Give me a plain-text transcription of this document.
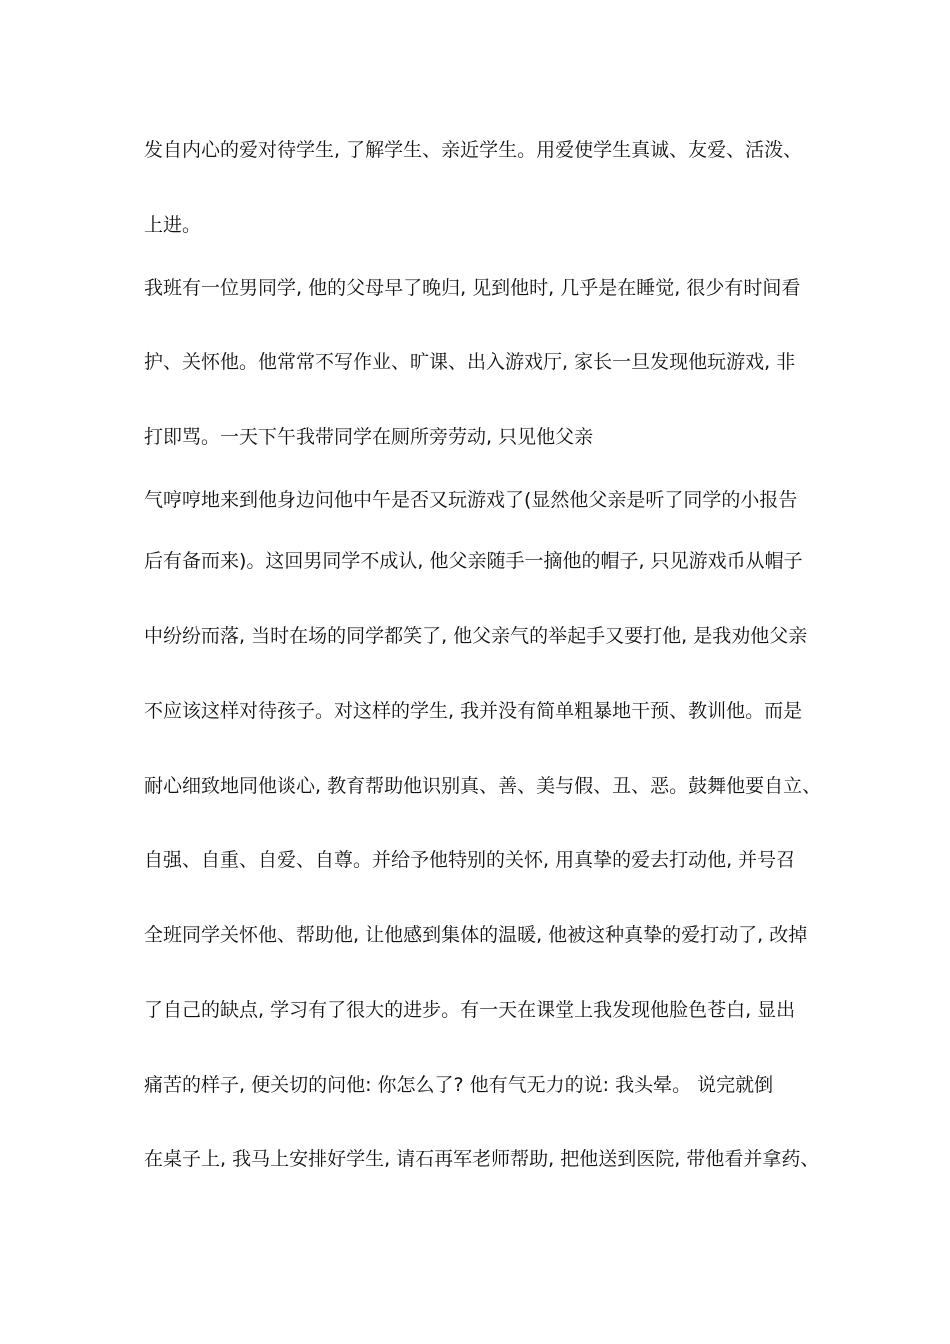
发自内心的爱对待学生, 了解学生、亲近学生。用爱使学生真诚、友爱、活泼、
上进。
我班有一位男同学, 他的父母早了晚归, 见到他时, 几乎是在睡觉, 很少有时间看
护、关怀他。他常常不写作业、旷课、出入游戏厅, 家长一旦发现他玩游戏, 非
打即骂。一天下午我带同学在厕所旁劳动, 只见他父亲
气哼哼地来到他身边问他中午是否又玩游戏了(显然他父亲是听了同学的小报告
后有备而来)。这回男同学不成认, 他父亲随手一摘他的帽子, 只见游戏币从帽子
中纷纷而落, 当时在场的同学都笑了, 他父亲气的举起手又要打他, 是我劝他父亲
不应该这样对待孩子。对这样的学生, 我并没有简单粗暴地干预、教训他。而是
耐心细致地同他谈心, 教育帮助他识别真、善、美与假、丑、恶。鼓舞他要自立、
自强、自重、自爱、自尊。并给予他特别的关怀, 用真挚的爱去打动他, 并号召
全班同学关怀他、帮助他, 让他感到集体的温暖, 他被这种真挚的爱打动了, 改掉
了自己的缺点, 学习有了很大的进步。有一天在课堂上我发现他脸色苍白, 显出
痛苦的样子, 便关切的问他: 你怎么了? 他有气无力的说: 我头晕。 说完就倒
在桌子上, 我马上安排好学生, 请石再军老师帮助, 把他送到医院, 带他看并拿药、
